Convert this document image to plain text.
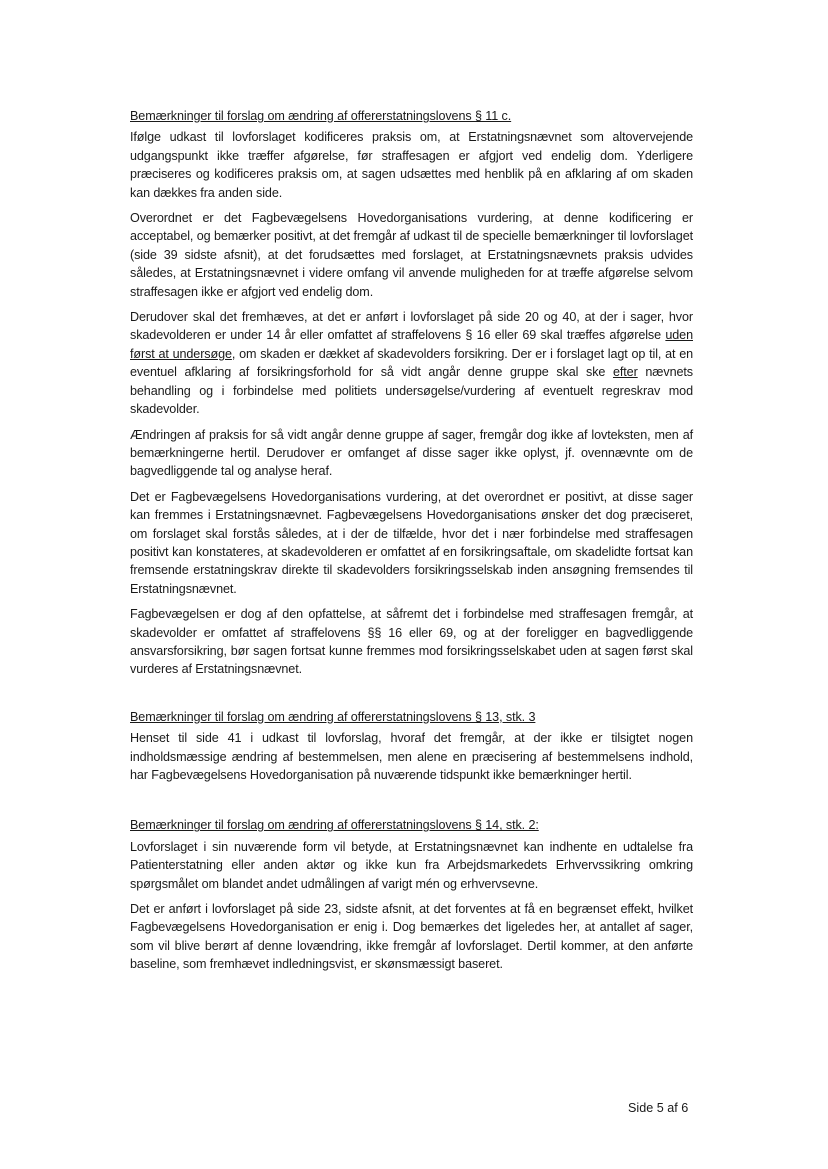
Bemærkninger til forslag om ændring af offererstatningslovens § 11 c.

Ifølge udkast til lovforslaget kodificeres praksis om, at Erstatningsnævnet som altovervejende udgangspunkt ikke træffer afgørelse, før straffesagen er afgjort ved endelig dom. Yderligere præciseres og kodificeres praksis om, at sagen udsættes med henblik på en afklaring af om skaden kan dækkes fra anden side.

Overordnet er det Fagbevægelsens Hovedorganisations vurdering, at denne kodificering er acceptabel, og bemærker positivt, at det fremgår af udkast til de specielle bemærkninger til lovforslaget (side 39 sidste afsnit), at det forudsættes med forslaget, at Erstatningsnævnets praksis udvides således, at Erstatningsnævnet i videre omfang vil anvende muligheden for at træffe afgørelse selvom straffesagen ikke er afgjort ved endelig dom.

Derudover skal det fremhæves, at det er anført i lovforslaget på side 20 og 40, at der i sager, hvor skadevolderen er under 14 år eller omfattet af straffelovens § 16 eller 69 skal træffes afgørelse uden først at undersøge, om skaden er dækket af skadevolders forsikring. Der er i forslaget lagt op til, at en eventuel afklaring af forsikringsforhold for så vidt angår denne gruppe skal ske efter nævnets behandling og i forbindelse med politiets undersøgelse/vurdering af eventuelt regreskrav mod skadevolder.

Ændringen af praksis for så vidt angår denne gruppe af sager, fremgår dog ikke af lovteksten, men af bemærkningerne hertil. Derudover er omfanget af disse sager ikke oplyst, jf. ovennævnte om de bagvedliggende tal og analyse heraf.

Det er Fagbevægelsens Hovedorganisations vurdering, at det overordnet er positivt, at disse sager kan fremmes i Erstatningsnævnet. Fagbevægelsens Hovedorganisations ønsker det dog præciseret, om forslaget skal forstås således, at i der de tilfælde, hvor det i nær forbindelse med straffesagen positivt kan konstateres, at skadevolderen er omfattet af en forsikringsaftale, om skadelidte fortsat kan fremsende erstatningskrav direkte til skadevolders forsikringsselskab inden ansøgning fremsendes til Erstatningsnævnet.

Fagbevægelsen er dog af den opfattelse, at såfremt det i forbindelse med straffesagen fremgår, at skadevolder er omfattet af straffelovens §§ 16 eller 69, og at der foreligger en bagvedliggende ansvarsforsikring, bør sagen fortsat kunne fremmes mod forsikringsselskabet uden at sagen først skal vurderes af Erstatningsnævnet.

Bemærkninger til forslag om ændring af offererstatningslovens § 13, stk. 3

Henset til side 41 i udkast til lovforslag, hvoraf det fremgår, at der ikke er tilsigtet nogen indholdsmæssige ændring af bestemmelsen, men alene en præcisering af bestemmelsens indhold, har Fagbevægelsens Hovedorganisation på nuværende tidspunkt ikke bemærkninger hertil.

Bemærkninger til forslag om ændring af offererstatningslovens § 14, stk. 2:

Lovforslaget i sin nuværende form vil betyde, at Erstatningsnævnet kan indhente en udtalelse fra Patienterstatning eller anden aktør og ikke kun fra Arbejdsmarkedets Erhvervssikring omkring spørgsmålet om blandet andet udmålingen af varigt mén og erhvervsevne.

Det er anført i lovforslaget på side 23, sidste afsnit, at det forventes at få en begrænset effekt, hvilket Fagbevægelsens Hovedorganisation er enig i. Dog bemærkes det ligeledes her, at antallet af sager, som vil blive berørt af denne lovændring, ikke fremgår af lovforslaget. Dertil kommer, at den anførte baseline, som fremhævet indledningsvist, er skønsmæssigt baseret.

Side 5 af 6
